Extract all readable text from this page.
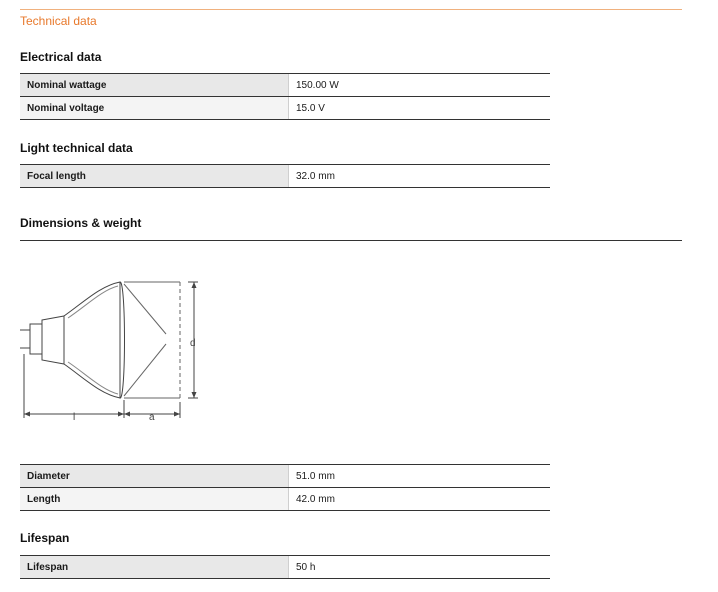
Technical data
Electrical data
Nominal wattage	150.00 W
Nominal voltage	15.0 V
Light technical data
Focal length	32.0 mm
Dimensions & weight
d
l	a
Diameter	51.0 mm
Length	42.0 mm
Lifespan
Lifespan	50 h
